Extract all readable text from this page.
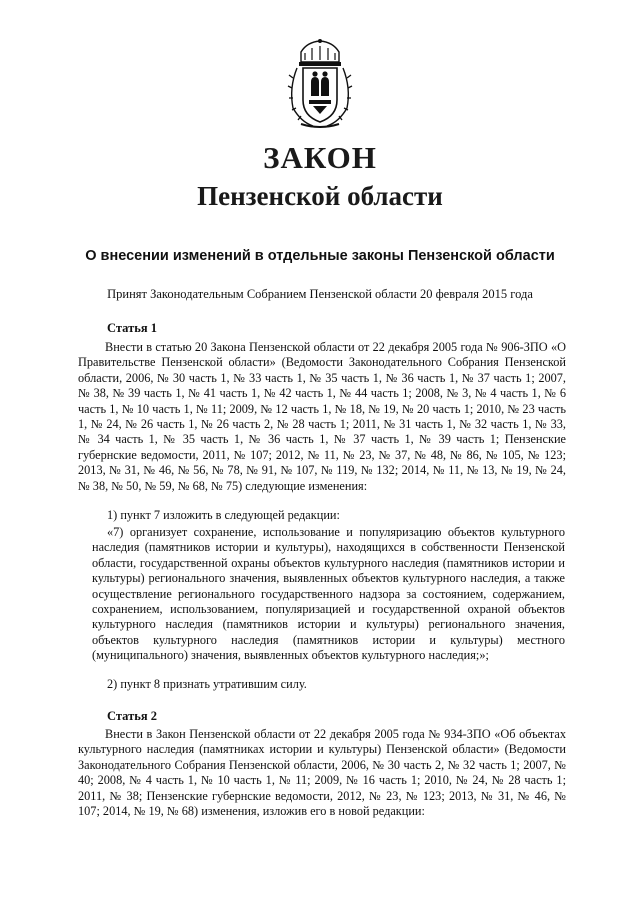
ЗАКОН
Пензенской области
О внесении изменений в отдельные законы Пензенской области
Принят Законодательным Собранием Пензенской области 20 февраля 2015 года
Статья 1

Внести в статью 20 Закона Пензенской области от 22 декабря 2005 года № 906-ЗПО «О Правительстве Пензенской области» (Ведомости Законодательного Собрания Пензенской области, 2006, № 30 часть 1, № 33 часть 1, № 35 часть 1, № 36 часть 1, № 37 часть 1; 2007, № 38, № 39 часть 1, № 41 часть 1, № 42 часть 1, № 44 часть 1; 2008, № 3, № 4 часть 1, № 6 часть 1, № 10 часть 1, № 11; 2009, № 12 часть 1, № 18, № 19, № 20 часть 1; 2010, № 23 часть 1, № 24, № 26 часть 1, № 26 часть 2, № 28 часть 1; 2011, № 31 часть 1, № 32 часть 1, № 33, № 34 часть 1, № 35 часть 1, № 36 часть 1, № 37 часть 1, № 39 часть 1; Пензенские губернские ведомости, 2011, № 107; 2012, № 11, № 23, № 37, № 48, № 86, № 105, № 123; 2013, № 31, № 46, № 56, № 78, № 91, № 107, № 119, № 132; 2014, № 11, № 13, № 19, № 24, № 38, № 50, № 59, № 68, № 75) следующие изменения:

1) пункт 7 изложить в следующей редакции:

«7) организует сохранение, использование и популяризацию объектов культурного наследия (памятников истории и культуры), находящихся в собственности Пензенской области, государственной охраны объектов культурного наследия (памятников истории и культуры) регионального значения, выявленных объектов культурного наследия, а также осуществление регионального государственного надзора за состоянием, содержанием, сохранением, использованием, популяризацией и государственной охраной объектов культурного наследия (памятников истории и культуры) регионального значения, объектов культурного наследия (памятников истории и культуры) местного (муниципального) значения, выявленных объектов культурного наследия;»;

2) пункт 8 признать утратившим силу.
Статья 2

Внести в Закон Пензенской области от 22 декабря 2005 года № 934-ЗПО «Об объектах культурного наследия (памятниках истории и культуры) Пензенской области» (Ведомости Законодательного Собрания Пензенской области, 2006, № 30 часть 2, № 32 часть 1; 2007, № 40; 2008, № 4 часть 1, № 10 часть 1, № 11; 2009, № 16 часть 1; 2010, № 24, № 28 часть 1; 2011, № 38; Пензенские губернские ведомости, 2012, № 23, № 123; 2013, № 31, № 46, № 107; 2014, № 19, № 68) изменения, изложив его в новой редакции:
